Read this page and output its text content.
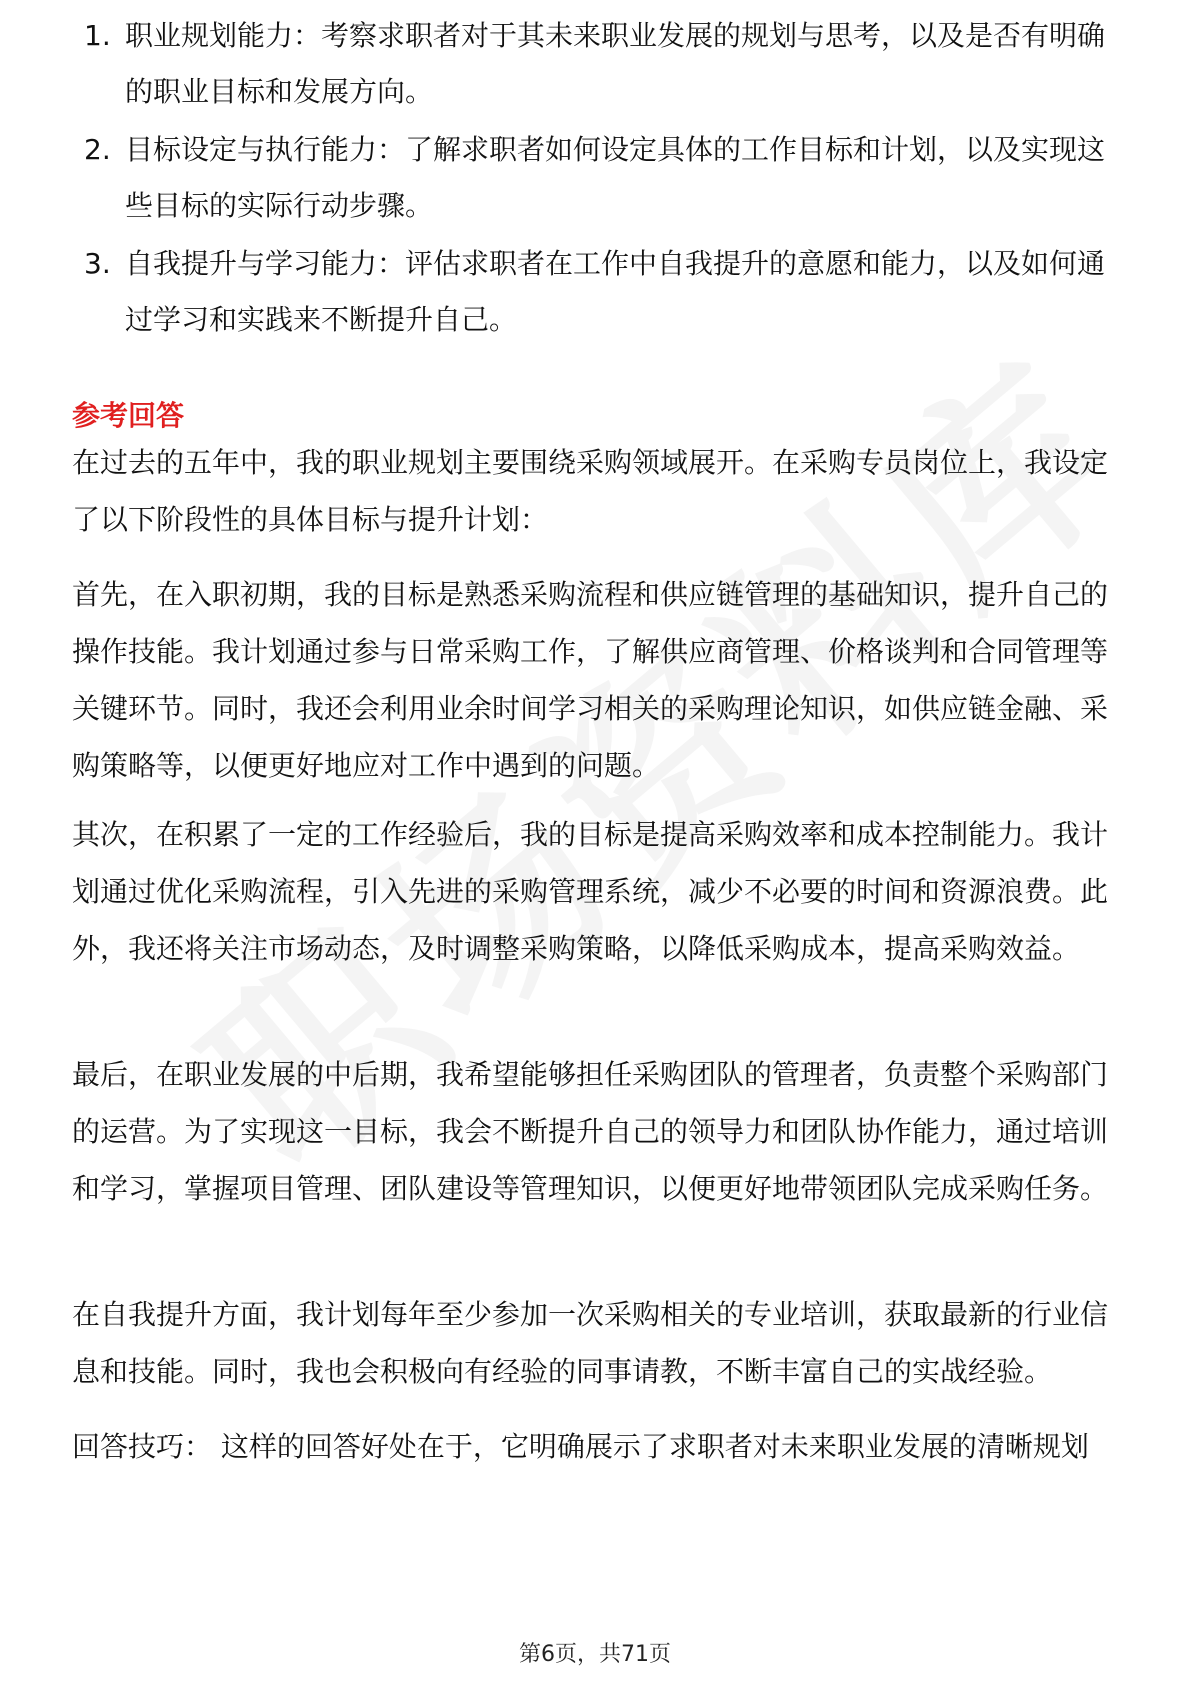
1. 职业规划能力：考察求职者对于其未来职业发展的规划与思考，以及是否有明确的职业目标和发展方向。
2. 目标设定与执行能力：了解求职者如何设定具体的工作目标和计划，以及实现这些目标的实际行动步骤。
3. 自我提升与学习能力：评估求职者在工作中自我提升的意愿和能力，以及如何通过学习和实践来不断提升自己。
参考回答

在过去的五年中，我的职业规划主要围绕采购领域展开。在采购专员岗位上，我设定了以下阶段性的具体目标与提升计划：

首先，在入职初期，我的目标是熟悉采购流程和供应链管理的基础知识，提升自己的操作技能。我计划通过参与日常采购工作，了解供应商管理、价格谈判和合同管理等关键环节。同时，我还会利用业余时间学习相关的采购理论知识，如供应链金融、采购策略等，以便更好地应对工作中遇到的问题。

其次，在积累了一定的工作经验后，我的目标是提高采购效率和成本控制能力。我计划通过优化采购流程，引入先进的采购管理系统，减少不必要的时间和资源浪费。此外，我还将关注市场动态，及时调整采购策略，以降低采购成本，提高采购效益。

最后，在职业发展的中后期，我希望能够担任采购团队的管理者，负责整个采购部门的运营。为了实现这一目标，我会不断提升自己的领导力和团队协作能力，通过培训和学习，掌握项目管理、团队建设等管理知识，以便更好地带领团队完成采购任务。

在自我提升方面，我计划每年至少参加一次采购相关的专业培训，获取最新的行业信息和技能。同时，我也会积极向有经验的同事请教，不断丰富自己的实战经验。

回答技巧： 这样的回答好处在于，它明确展示了求职者对未来职业发展的清晰规划

第6页，共71页
